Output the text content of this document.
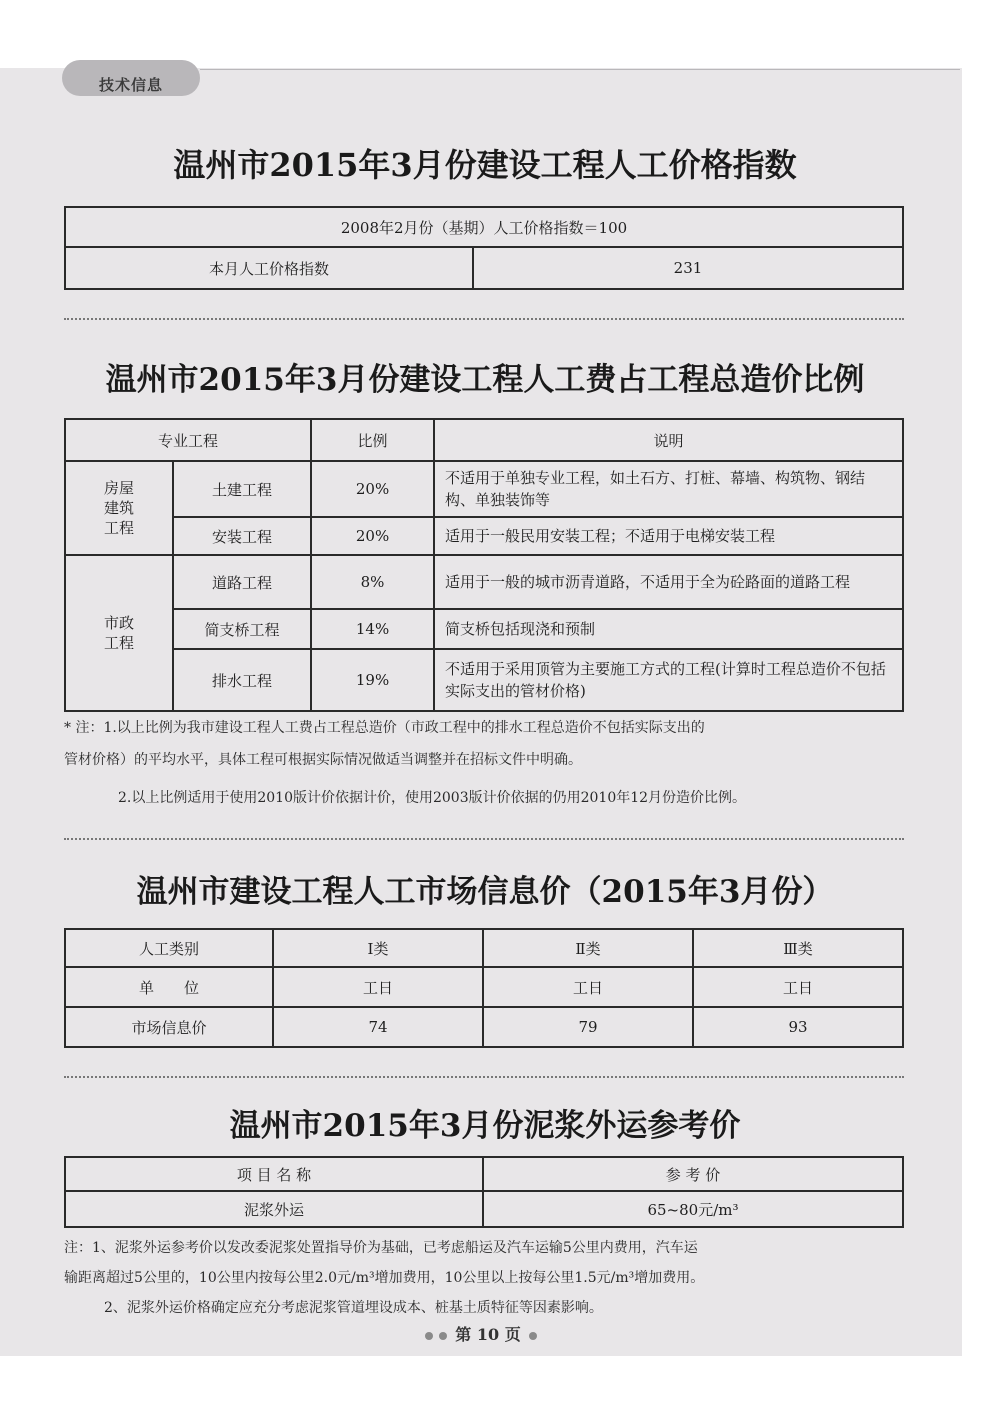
技术信息
温州市2015年3月份建设工程人工价格指数
2008年2月份（基期）人工价格指数＝100
本月人工价格指数	231
温州市2015年3月份建设工程人工费占工程总造价比例
专业工程		比例	说明
房屋
建筑
工程	土建工程	20%	不适用于单独专业工程，如土石方、打桩、幕墙、构筑物、钢结构、单独装饰等
	安装工程	20%	适用于一般民用安装工程；不适用于电梯安装工程
市政
工程	道路工程	8%	适用于一般的城市沥青道路，不适用于全为砼路面的道路工程
	简支桥工程	14%	简支桥包括现浇和预制
	排水工程	19%	不适用于采用顶管为主要施工方式的工程(计算时工程总造价不包括实际支出的管材价格)
* 注：1.以上比例为我市建设工程人工费占工程总造价（市政工程中的排水工程总造价不包括实际支出的
管材价格）的平均水平，具体工程可根据实际情况做适当调整并在招标文件中明确。
2.以上比例适用于使用2010版计价依据计价，使用2003版计价依据的仍用2010年12月份造价比例。
温州市建设工程人工市场信息价（2015年3月份）
人工类别	Ⅰ类	Ⅱ类	Ⅲ类
单　　位	工日	工日	工日
市场信息价	74	79	93
温州市2015年3月份泥浆外运参考价
项 目 名 称	参 考 价
泥浆外运	65~80元/m³
注：1、泥浆外运参考价以发改委泥浆处置指导价为基础，已考虑船运及汽车运输5公里内费用，汽车运
输距离超过5公里的，10公里内按每公里2.0元/m³增加费用，10公里以上按每公里1.5元/m³增加费用。
2、泥浆外运价格确定应充分考虑泥浆管道埋设成本、桩基土质特征等因素影响。
第 10 页
